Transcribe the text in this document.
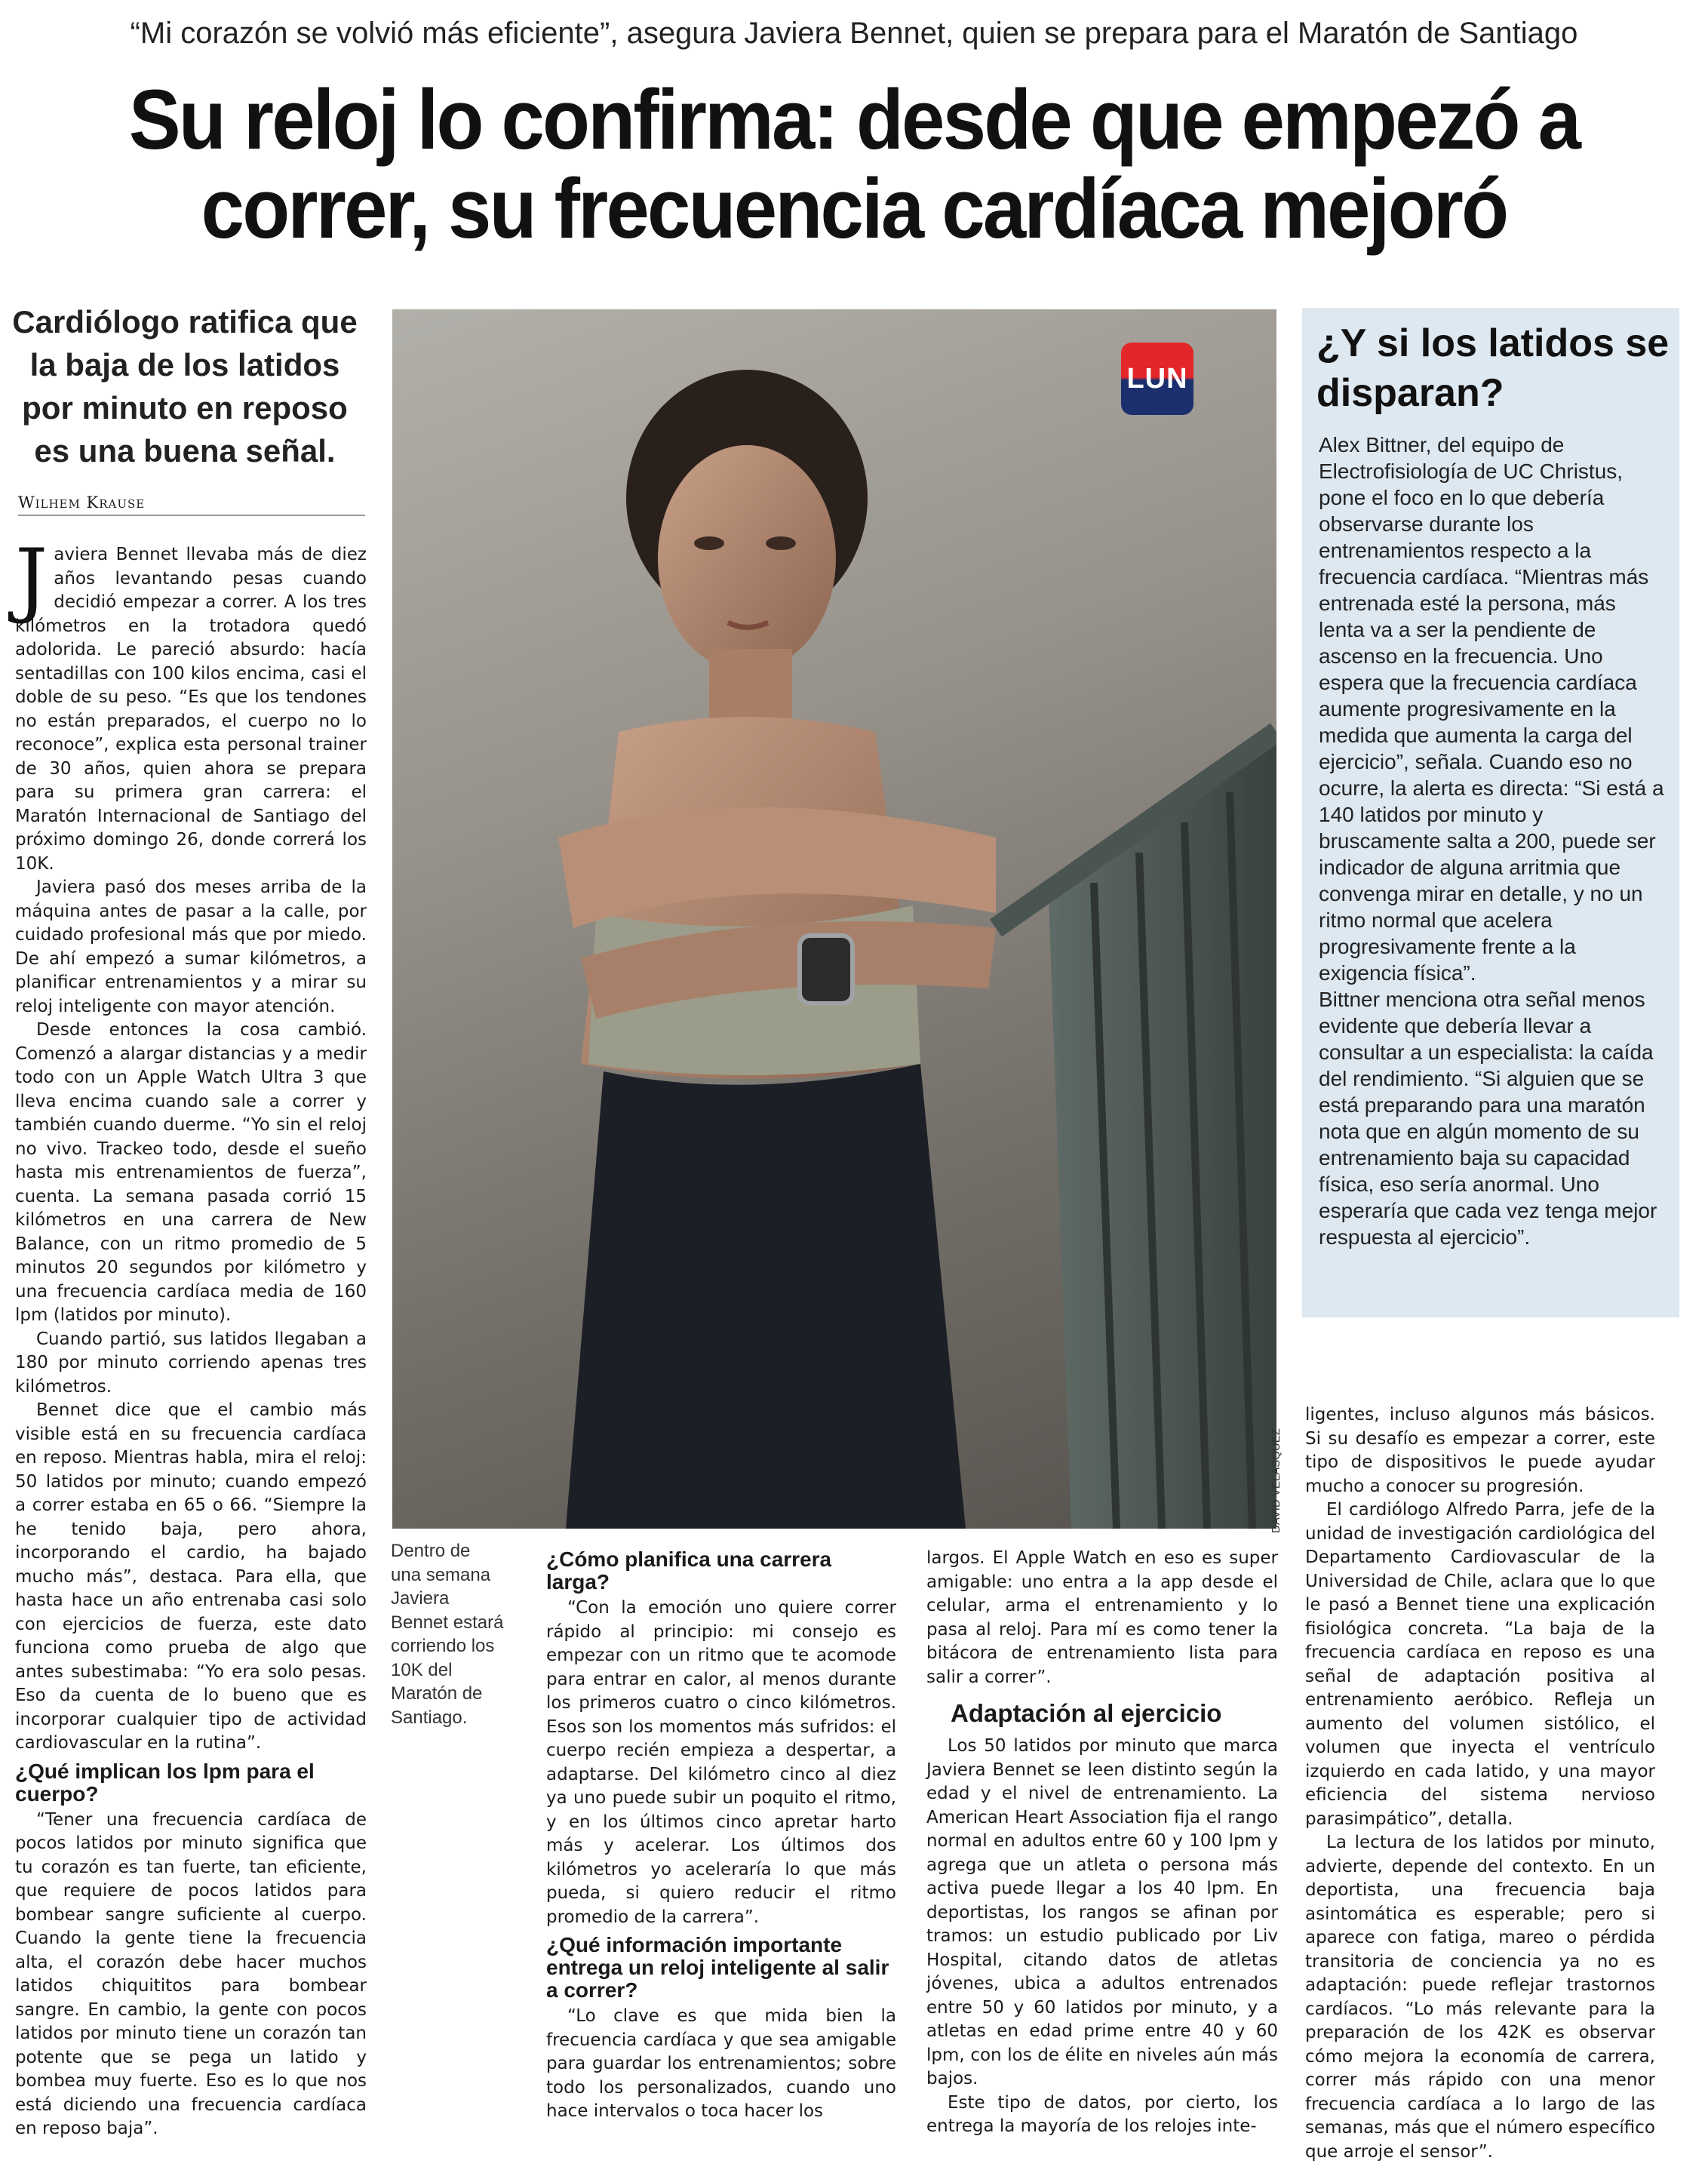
“Mi corazón se volvió más eficiente”, asegura Javiera Bennet, quien se prepara para el Maratón de Santiago
Su reloj lo confirma: desde que empezó a
correr, su frecuencia cardíaca mejoró
Cardiólogo ratifica que la baja de los latidos por minuto en reposo es una buena señal.
Wilhem Krause

Javiera Bennet llevaba más de diez años levantando pesas cuando decidió empezar a correr. A los tres kilómetros en la trotadora quedó adolorida. Le pareció absurdo: hacía sentadillas con 100 kilos encima, casi el doble de su peso. “Es que los tendones no están preparados, el cuerpo no lo reconoce”, explica esta personal trainer de 30 años, quien ahora se prepara para su primera gran carrera: el Maratón Internacional de Santiago del próximo domingo 26, donde correrá los 10K.

Javiera pasó dos meses arriba de la máquina antes de pasar a la calle, por cuidado profesional más que por miedo. De ahí empezó a sumar kilómetros, a planificar entrenamientos y a mirar su reloj inteligente con mayor atención.

Desde entonces la cosa cambió. Comenzó a alargar distancias y a medir todo con un Apple Watch Ultra 3 que lleva encima cuando sale a correr y también cuando duerme. “Yo sin el reloj no vivo. Trackeo todo, desde el sueño hasta mis entrenamientos de fuerza”, cuenta. La semana pasada corrió 15 kilómetros en una carrera de New Balance, con un ritmo promedio de 5 minutos 20 segundos por kilómetro y una frecuencia cardíaca media de 160 lpm (latidos por minuto).

Cuando partió, sus latidos llegaban a 180 por minuto corriendo apenas tres kilómetros.

Bennet dice que el cambio más visible está en su frecuencia cardíaca en reposo. Mientras habla, mira el reloj: 50 latidos por minuto; cuando empezó a correr estaba en 65 o 66. “Siempre la he tenido baja, pero ahora, incorporando el cardio, ha bajado mucho más”, destaca. Para ella, que hasta hace un año entrenaba casi solo con ejercicios de fuerza, este dato funciona como prueba de algo que antes subestimaba: “Yo era solo pesas. Eso da cuenta de lo bueno que es incorporar cualquier tipo de actividad cardiovascular en la rutina”.

¿Qué implican los lpm para el cuerpo?

“Tener una frecuencia cardíaca de pocos latidos por minuto significa que tu corazón es tan fuerte, tan eficiente, que requiere de pocos latidos para bombear sangre suficiente al cuerpo. Cuando la gente tiene la frecuencia alta, el corazón debe hacer muchos latidos chiquititos para bombear sangre. En cambio, la gente con pocos latidos por minuto tiene un corazón tan potente que se pega un latido y bombea muy fuerte. Eso es lo que nos está diciendo una frecuencia cardíaca en reposo baja”.

LUN
DAVID VELÁSQUEZ
Dentro de una semana Javiera Bennet estará corriendo los 10K del Maratón de Santiago.
¿Cómo planifica una carrera larga?

“Con la emoción uno quiere correr rápido al principio: mi consejo es empezar con un ritmo que te acomode para entrar en calor, al menos durante los primeros cuatro o cinco kilómetros. Esos son los momentos más sufridos: el cuerpo recién empieza a despertar, a adaptarse. Del kilómetro cinco al diez ya uno puede subir un poquito el ritmo, y en los últimos cinco apretar harto más y acelerar. Los últimos dos kilómetros yo aceleraría lo que más pueda, si quiero reducir el ritmo promedio de la carrera”.

¿Qué información importante entrega un reloj inteligente al salir a correr?

“Lo clave es que mida bien la frecuencia cardíaca y que sea amigable para guardar los entrenamientos; sobre todo los personalizados, cuando uno hace intervalos o toca hacer los

largos. El Apple Watch en eso es super amigable: uno entra a la app desde el celular, arma el entrenamiento y lo pasa al reloj. Para mí es como tener la bitácora de entrenamiento lista para salir a correr”.

Adaptación al ejercicio

Los 50 latidos por minuto que marca Javiera Bennet se leen distinto según la edad y el nivel de entrenamiento. La American Heart Association fija el rango normal en adultos entre 60 y 100 lpm y agrega que un atleta o persona más activa puede llegar a los 40 lpm. En deportistas, los rangos se afinan por tramos: un estudio publicado por Liv Hospital, citando datos de atletas jóvenes, ubica a adultos entrenados entre 50 y 60 latidos por minuto, y a atletas en edad prime entre 40 y 60 lpm, con los de élite en niveles aún más bajos.

Este tipo de datos, por cierto, los entrega la mayoría de los relojes inte-

ligentes, incluso algunos más básicos. Si su desafío es empezar a correr, este tipo de dispositivos le puede ayudar mucho a conocer su progresión.

El cardiólogo Alfredo Parra, jefe de la unidad de investigación cardiológica del Departamento Cardiovascular de la Universidad de Chile, aclara que lo que le pasó a Bennet tiene una explicación fisiológica concreta. “La baja de la frecuencia cardíaca en reposo es una señal de adaptación positiva al entrenamiento aeróbico. Refleja un aumento del volumen sistólico, el volumen que inyecta el ventrículo izquierdo en cada latido, y una mayor eficiencia del sistema nervioso parasimpático”, detalla.

La lectura de los latidos por minuto, advierte, depende del contexto. En un deportista, una frecuencia baja asintomática es esperable; pero si aparece con fatiga, mareo o pérdida transitoria de conciencia ya no es adaptación: puede reflejar trastornos cardíacos. “Lo más relevante para la preparación de los 42K es observar cómo mejora la economía de carrera, correr más rápido con una menor frecuencia cardíaca a lo largo de las semanas, más que el número específico que arroje el sensor”.

¿Y si los latidos se disparan?

Alex Bittner, del equipo de Electrofisiología de UC Christus, pone el foco en lo que debería observarse durante los entrenamientos respecto a la frecuencia cardíaca. “Mientras más entrenada esté la persona, más lenta va a ser la pendiente de ascenso en la frecuencia. Uno espera que la frecuencia cardíaca aumente progresivamente en la medida que aumenta la carga del ejercicio”, señala. Cuando eso no ocurre, la alerta es directa: “Si está a 140 latidos por minuto y bruscamente salta a 200, puede ser indicador de alguna arritmia que convenga mirar en detalle, y no un ritmo normal que acelera progresivamente frente a la exigencia física”.

Bittner menciona otra señal menos evidente que debería llevar a consultar a un especialista: la caída del rendimiento. “Si alguien que se está preparando para una maratón nota que en algún momento de su entrenamiento baja su capacidad física, eso sería anormal. Uno esperaría que cada vez tenga mejor respuesta al ejercicio”.
